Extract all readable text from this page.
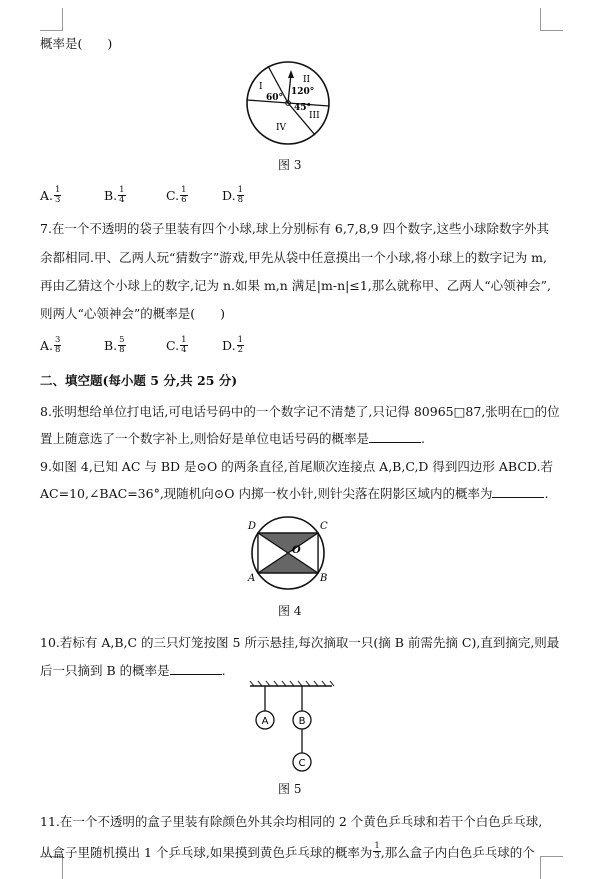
概率是(　　)
I
II
III
IV
60°
120°
45°
图 3
A. $\frac{1}{3}$	B. $\frac{1}{4}$	C. $\frac{1}{6}$	D. $\frac{1}{8}$
7.在一个不透明的袋子里装有四个小球,球上分别标有 6,7,8,9 四个数字,这些小球除数字外其
余都相同.甲、乙两人玩“猜数字”游戏,甲先从袋中任意摸出一个小球,将小球上的数字记为 m,
再由乙猜这个小球上的数字,记为 n.如果 m,n 满足|m-n|≤1,那么就称甲、乙两人“心领神会”,
则两人“心领神会”的概率是(　　)
A. $\frac{3}{8}$	B. $\frac{5}{8}$	C. $\frac{1}{4}$	D. $\frac{1}{2}$
二、填空题(每小题 5 分,共 25 分)
8.张明想给单位打电话,可电话号码中的一个数字记不清楚了,只记得 80965□87,张明在□的位
置上随意选了一个数字补上,则恰好是单位电话号码的概率是	.
9.如图 4,已知 AC 与 BD 是⊙O 的两条直径,首尾顺次连接点 A,B,C,D 得到四边形 ABCD.若
AC=10,∠BAC=36°,现随机向⊙O 内掷一枚小针,则针尖落在阴影区域内的概率为	.
D	C
O
A	B
图 4
10.若标有 A,B,C 的三只灯笼按图 5 所示悬挂,每次摘取一只(摘 B 前需先摘 C),直到摘完,则最
后一只摘到 B 的概率是	.
A	B
C
图 5
11.在一个不透明的盒子里装有除颜色外其余均相同的 2 个黄色乒乓球和若干个白色乒乓球,
从盒子里随机摸出 1 个乒乓球,如果摸到黄色乒乓球的概率为 $\frac{1}{3}$ ,那么盒子内白色乒乓球的个
